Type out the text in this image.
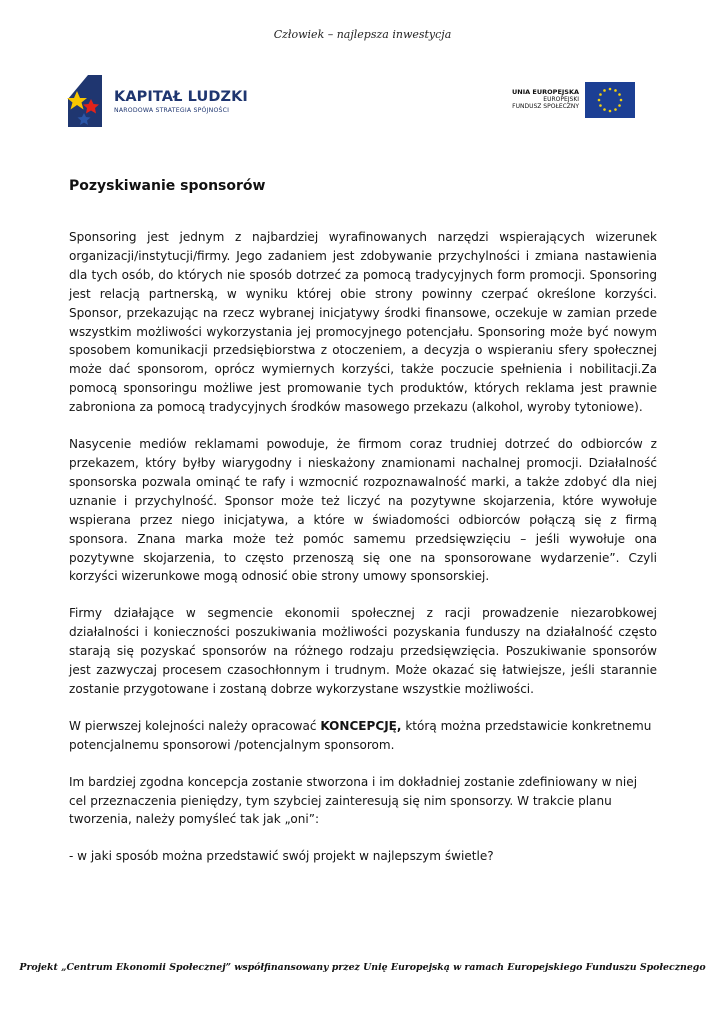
Człowiek – najlepsza inwestycja
KAPITAŁ LUDZKI
NARODOWA STRATEGIA SPÓJNOŚCI
UNIA EUROPEJSKA
EUROPEJSKI
FUNDUSZ SPOŁECZNY
Pozyskiwanie sponsorów

Sponsoring jest jednym z najbardziej wyrafinowanych narzędzi wspierających wizerunek organizacji/instytucji/firmy. Jego zadaniem jest zdobywanie przychylności i zmiana nastawienia dla tych osób, do których nie sposób dotrzeć za pomocą tradycyjnych form promocji. Sponsoring jest relacją partnerską, w wyniku której obie strony powinny czerpać określone korzyści. Sponsor, przekazując na rzecz wybranej inicjatywy środki finansowe, oczekuje w zamian przede wszystkim możliwości wykorzystania jej promocyjnego potencjału. Sponsoring może być nowym sposobem komunikacji przedsiębiorstwa z otoczeniem, a decyzja o wspieraniu sfery społecznej może dać sponsorom, oprócz wymiernych korzyści, także poczucie spełnienia i nobilitacji.Za pomocą sponsoringu możliwe jest promowanie tych produktów, których reklama jest prawnie zabroniona za pomocą tradycyjnych środków masowego przekazu (alkohol, wyroby tytoniowe).

Nasycenie mediów reklamami powoduje, że firmom coraz trudniej dotrzeć do odbiorców z przekazem, który byłby wiarygodny i nieskażony znamionami nachalnej promocji. Działalność sponsorska pozwala ominąć te rafy i wzmocnić rozpoznawalność marki, a także zdobyć dla niej uznanie i przychylność. Sponsor może też liczyć na pozytywne skojarzenia, które wywołuje wspierana przez niego inicjatywa, a które w świadomości odbiorców połączą się z firmą sponsora. Znana marka może też pomóc samemu przedsięwzięciu – jeśli wywołuje ona pozytywne skojarzenia, to często przenoszą się one na sponsorowane wydarzenie”. Czyli korzyści wizerunkowe mogą odnosić obie strony umowy sponsorskiej.

Firmy działające w segmencie ekonomii społecznej z racji prowadzenie niezarobkowej działalności i konieczności poszukiwania możliwości pozyskania funduszy na działalność często starają się pozyskać sponsorów na różnego rodzaju przedsięwzięcia. Poszukiwanie sponsorów jest zazwyczaj procesem czasochłonnym i trudnym. Może okazać się łatwiejsze, jeśli starannie zostanie przygotowane i zostaną dobrze wykorzystane wszystkie możliwości.

W pierwszej kolejności należy opracować KONCEPCJĘ, którą można przedstawicie konkretnemu potencjalnemu sponsorowi /potencjalnym sponsorom.

Im bardziej zgodna koncepcja zostanie stworzona i im dokładniej zostanie zdefiniowany w niej cel przeznaczenia pieniędzy, tym szybciej zainteresują się nim sponsorzy. W trakcie planu tworzenia, należy pomyśleć tak jak „oni”:

- w jaki sposób można przedstawić swój projekt w najlepszym świetle?

Projekt „Centrum Ekonomii Społecznej” współfinansowany przez Unię Europejską w ramach Europejskiego Funduszu Społecznego
